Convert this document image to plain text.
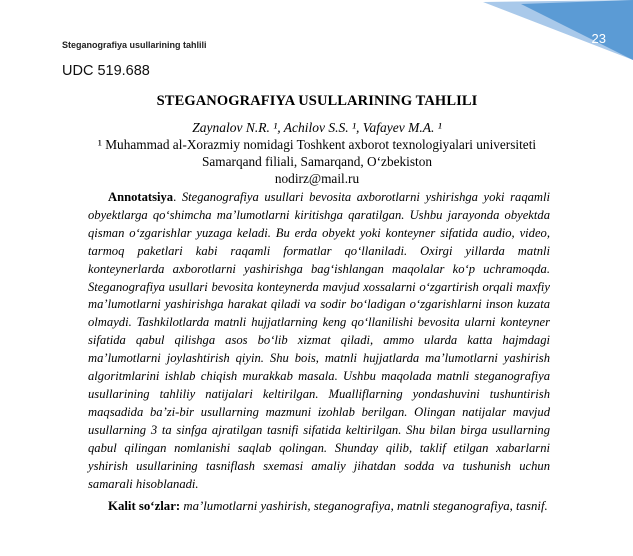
23
Steganografiya usullarining tahlili
UDC 519.688
STEGANOGRAFIYA USULLARINING TAHLILI
Zaynalov N.R. ¹, Achilov S.S. ¹, Vafayev M.A. ¹
¹ Muhammad al-Xorazmiy nomidagi Toshkent axborot texnologiyalari universiteti
Samarqand filiali, Samarqand, O‘zbekiston
nodirz@mail.ru

Annotatsiya. Steganografiya usullari bevosita axborotlarni yshirishga yoki raqamli obyektlarga qo‘shimcha ma’lumotlarni kiritishga qaratilgan. Ushbu jarayonda obyektda qisman o‘zgarishlar yuzaga keladi. Bu erda obyekt yoki konteyner sifatida audio, video, tarmoq paketlari kabi raqamli formatlar qo‘llaniladi. Oxirgi yillarda matnli konteynerlarda axborotlarni yashirishga bag‘ishlangan maqolalar ko‘p uchramoqda. Steganografiya usullari bevosita konteynerda mavjud xossalarni o‘zgartirish orqali maxfiy ma’lumotlarni yashirishga harakat qiladi va sodir bo‘ladigan o‘zgarishlarni inson kuzata olmaydi. Tashkilotlarda matnli hujjatlarning keng qo‘llanilishi bevosita ularni konteyner sifatida qabul qilishga asos bo‘lib xizmat qiladi, ammo ularda katta hajmdagi ma’lumotlarni joylashtirish qiyin. Shu bois, matnli hujjatlarda ma’lumotlarni yashirish algoritmlarini ishlab chiqish murakkab masala. Ushbu maqolada matnli steganografiya usullarining tahliliy natijalari keltirilgan. Mualliflarning yondashuvini tushuntirish maqsadida ba’zi-bir usullarning mazmuni izohlab berilgan. Olingan natijalar mavjud usullarning 3 ta sinfga ajratilgan tasnifi sifatida keltirilgan. Shu bilan birga usullarning qabul qilingan nomlanishi saqlab qolingan. Shunday qilib, taklif etilgan xabarlarni yshirish usullarining tasniflash sxemasi amaliy jihatdan sodda va tushunish uchun samarali hisoblanadi.

Kalit so‘zlar: ma’lumotlarni yashirish, steganografiya, matnli steganografiya, tasnif.
